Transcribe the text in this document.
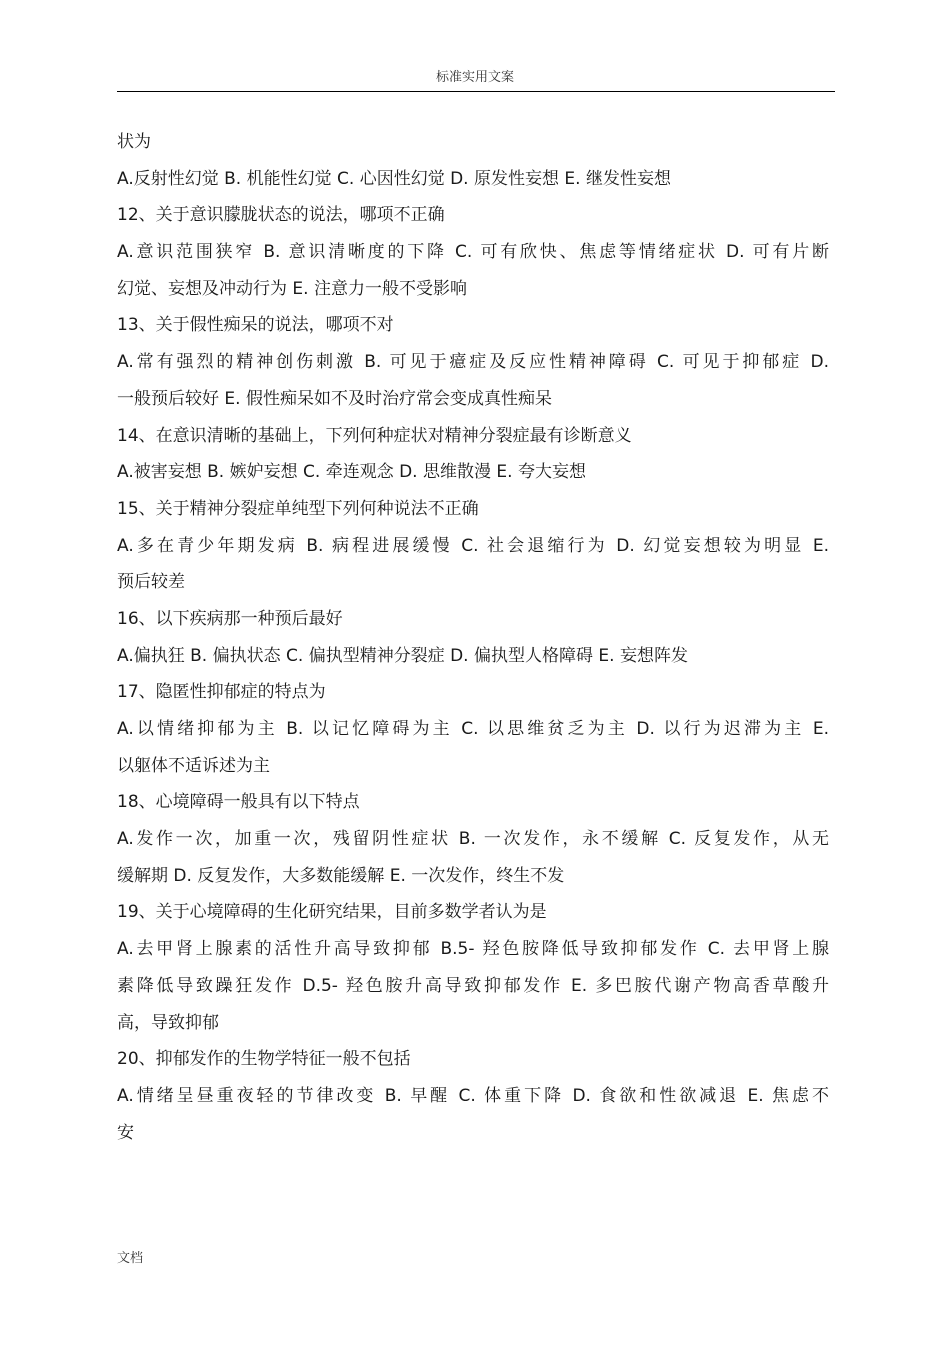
标准实用文案
状为
A.反射性幻觉 B. 机能性幻觉 C. 心因性幻觉 D. 原发性妄想 E. 继发性妄想
12、关于意识朦胧状态的说法，哪项不正确
A.意识范围狭窄 B. 意识清晰度的下降 C. 可有欣快、焦虑等情绪症状 D. 可有片断
幻觉、妄想及冲动行为 E. 注意力一般不受影响
13、关于假性痴呆的说法，哪项不对
A.常有强烈的精神创伤刺激 B. 可见于癔症及反应性精神障碍 C. 可见于抑郁症 D.
一般预后较好 E. 假性痴呆如不及时治疗常会变成真性痴呆
14、在意识清晰的基础上，下列何种症状对精神分裂症最有诊断意义
A.被害妄想 B. 嫉妒妄想 C. 牵连观念 D. 思维散漫 E. 夸大妄想
15、关于精神分裂症单纯型下列何种说法不正确
A.多在青少年期发病 B. 病程进展缓慢 C. 社会退缩行为 D. 幻觉妄想较为明显 E.
预后较差
16、以下疾病那一种预后最好
A.偏执狂 B. 偏执状态 C. 偏执型精神分裂症 D. 偏执型人格障碍 E. 妄想阵发
17、隐匿性抑郁症的特点为
A.以情绪抑郁为主 B. 以记忆障碍为主 C. 以思维贫乏为主 D. 以行为迟滞为主 E.
以躯体不适诉述为主
18、心境障碍一般具有以下特点
A.发作一次，加重一次，残留阴性症状 B. 一次发作，永不缓解 C. 反复发作，从无
缓解期 D. 反复发作，大多数能缓解 E. 一次发作，终生不发
19、关于心境障碍的生化研究结果，目前多数学者认为是
A.去甲肾上腺素的活性升高导致抑郁 B.5- 羟色胺降低导致抑郁发作 C. 去甲肾上腺
素降低导致躁狂发作 D.5- 羟色胺升高导致抑郁发作 E. 多巴胺代谢产物高香草酸升
高，导致抑郁
20、抑郁发作的生物学特征一般不包括
A.情绪呈昼重夜轻的节律改变 B. 早醒 C. 体重下降 D. 食欲和性欲减退 E. 焦虑不
安
文档
